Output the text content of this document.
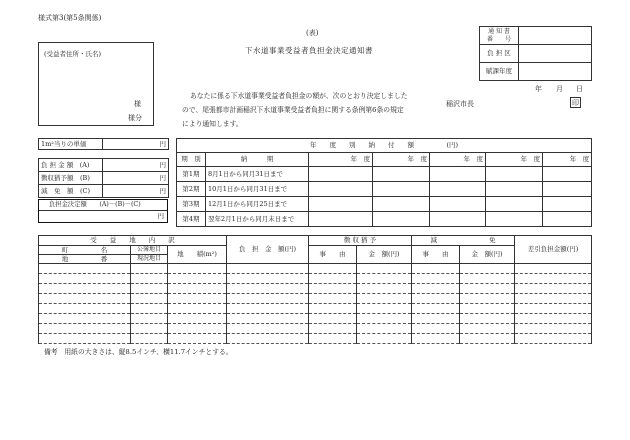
様式第3(第5条関係)
通 知 書
番　　号	

負 担 区	
賦課年度	
(受益者住所・氏名)
様
様分
(表)
下水道事業受益者負担金決定通知書
年 月 日
稲沢市長	印
あなたに係る下水道事業受益者負担金の額が、次のとおり決定しました
ので、尾張都市計画稲沢下水道事業受益者負担に関する条例第6条の規定
により通知します。
1m²当りの単価	円
負 担 金 額　(A)	円
徴収猶予額　(B)	円
減　免　額　(C)	円
負担金決定額　　(A)－(B)－(C)
円
年　　度　　別　　納　　付　　額　　　　　(円)						
期　別	納　　　期	年　度	年　度	年　度	年　度	年　度
第1期	8月1日から同月31日まで					
第2期	10月1日から同月31日まで					
第3期	12月1日から同月25日まで					
第4期	翌年2月1日から同月末日まで					
受　　益　　地　　内　　訳			負　担　金　額(円)	徴 収 猶 予		減　　　　　　　　免		差引負担金額(円)
町　　　　　名	公簿地目	地　　積(m²)		事　　由	金　額(円)	事　　由	金　額(円)	
地　　　　　番	現況地目							

備考　用紙の大きさは、縦8.5インチ、横11.7インチとする。
